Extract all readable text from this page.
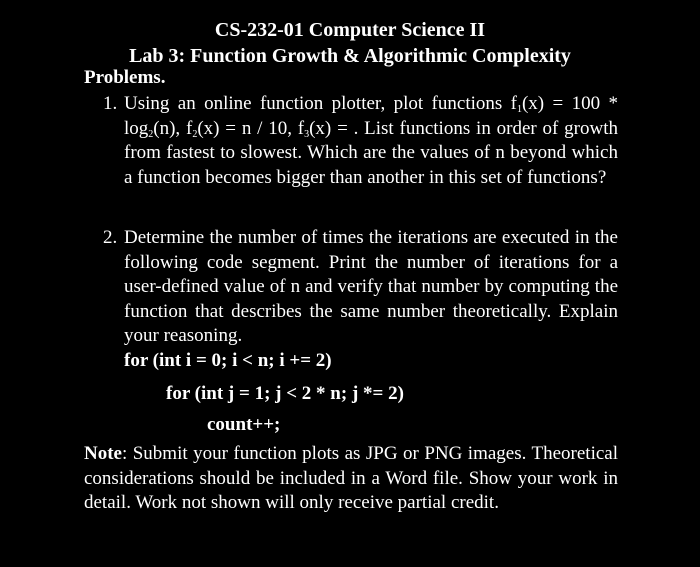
CS-232-01 Computer Science II
Lab 3: Function Growth & Algorithmic Complexity
Problems.
1. Using an online function plotter, plot functions $f_1(x) = 100 * \log_2(n)$, $f_2(x) = n / 10$, $f_3(x)$ = . List functions in order of growth from fastest to slowest. Which are the values of n beyond which a function becomes bigger than another in this set of functions?
2. Determine the number of times the iterations are executed in the following code segment. Print the number of iterations for a user-defined value of n and verify that number by computing the function that describes the same number theoretically. Explain your reasoning.
for (int i = 0; i < n; i += 2)
for (int j = 1; j < 2 * n; j *= 2)
count++;
Note: Submit your function plots as JPG or PNG images. Theoretical considerations should be included in a Word file. Show your work in detail. Work not shown will only receive partial credit.
